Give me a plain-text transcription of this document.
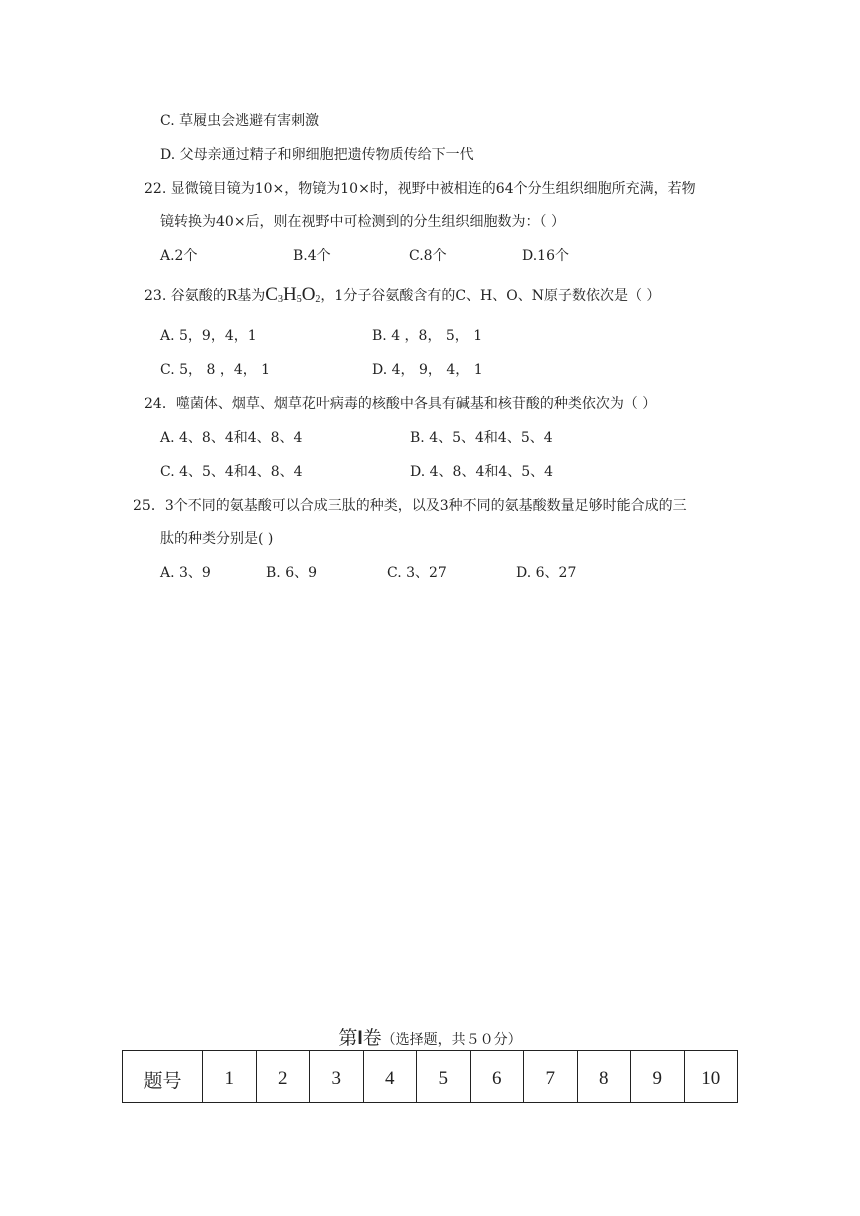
C. 草履虫会逃避有害刺激
D. 父母亲通过精子和卵细胞把遗传物质传给下一代
22. 显微镜目镜为10×，物镜为10×时，视野中被相连的64个分生组织细胞所充满，若物
镜转换为40×后，则在视野中可检测到的分生组织细胞数为：（ ）
A.2个	B.4个	C.8个	D.16个
23. 谷氨酸的R基为$C_3H_5O_2$，1分子谷氨酸含有的C、H、O、N原子数依次是（ ）
A. 5，9，4，1	B. 4 ，8， 5， 1
C. 5， 8 ，4， 1	D. 4， 9， 4， 1
24．噬菌体、烟草、烟草花叶病毒的核酸中各具有碱基和核苷酸的种类依次为（ ）
A. 4、8、4和4、8、4	B. 4、5、4和4、5、4
C. 4、5、4和4、8、4	D. 4、8、4和4、5、4
25．3个不同的氨基酸可以合成三肽的种类，以及3种不同的氨基酸数量足够时能合成的三
肽的种类分别是( )
A. 3、9	B. 6、9	C. 3、27	D. 6、27
第I卷（选择题，共５０分）
题号	1	2	3	4	5	6	7	8	9	10
